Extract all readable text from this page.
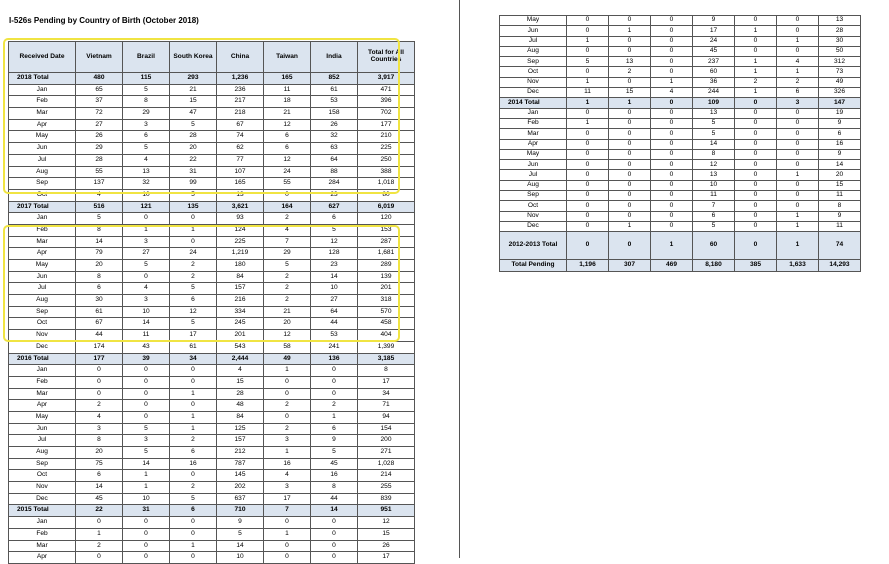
I-526s Pending by Country of Birth (October 2018)
Received Date	Vietnam	Brazil	South Korea	China	Taiwan	India	Total for All Countries
2018 Total	480	115	293	1,236	165	852	3,917
Jan	65	5	21	236	11	61	471
Feb	37	8	15	217	18	53	396
Mar	72	29	47	218	21	158	702
Apr	27	3	5	67	12	26	177
May	26	6	28	74	6	32	210
Jun	29	5	20	62	6	63	225
Jul	28	4	22	77	12	64	250
Aug	55	13	31	107	24	88	388
Sep	137	32	99	165	55	284	1,018
Oct	4	10	5	13	0	23	80
2017 Total	516	121	135	3,621	164	627	6,019
Jan	5	0	0	93	2	6	120
Feb	8	1	1	124	4	5	153
Mar	14	3	0	225	7	12	287
Apr	79	27	24	1,219	29	128	1,681
May	20	5	2	180	5	23	289
Jun	8	0	2	84	2	14	139
Jul	6	4	5	157	2	10	201
Aug	30	3	6	216	2	27	318
Sep	61	10	12	334	21	64	570
Oct	67	14	5	245	20	44	458
Nov	44	11	17	201	12	53	404
Dec	174	43	61	543	58	241	1,399
2016 Total	177	39	34	2,444	49	136	3,185
Jan	0	0	0	4	1	0	8
Feb	0	0	0	15	0	0	17
Mar	0	0	1	28	0	0	34
Apr	2	0	0	48	2	2	71
May	4	0	1	84	0	1	94
Jun	3	5	1	125	2	6	154
Jul	8	3	2	157	3	9	200
Aug	20	5	6	212	1	5	271
Sep	75	14	16	787	16	45	1,028
Oct	6	1	0	145	4	16	214
Nov	14	1	2	202	3	8	255
Dec	45	10	5	637	17	44	839
2015 Total	22	31	6	710	7	14	951
Jan	0	0	0	9	0	0	12
Feb	1	0	0	5	1	0	15
Mar	2	0	1	14	0	0	26
Apr	0	0	0	10	0	0	17
May	0	0	0	9	0	0	13
Jun	0	1	0	17	1	0	28
Jul	1	0	0	24	0	1	30
Aug	0	0	0	45	0	0	50
Sep	5	13	0	237	1	4	312
Oct	0	2	0	60	1	1	73
Nov	1	0	1	36	2	2	49
Dec	11	15	4	244	1	6	326
2014 Total	1	1	0	109	0	3	147
Jan	0	0	0	13	0	0	19
Feb	1	0	0	5	0	0	9
Mar	0	0	0	5	0	0	6
Apr	0	0	0	14	0	0	16
May	0	0	0	8	0	0	9
Jun	0	0	0	12	0	0	14
Jul	0	0	0	13	0	1	20
Aug	0	0	0	10	0	0	15
Sep	0	0	0	11	0	0	11
Oct	0	0	0	7	0	0	8
Nov	0	0	0	6	0	1	9
Dec	0	1	0	5	0	1	11
2012-2013 Total	0	0	1	60	0	1	74
Total Pending	1,196	307	469	8,180	385	1,633	14,293
